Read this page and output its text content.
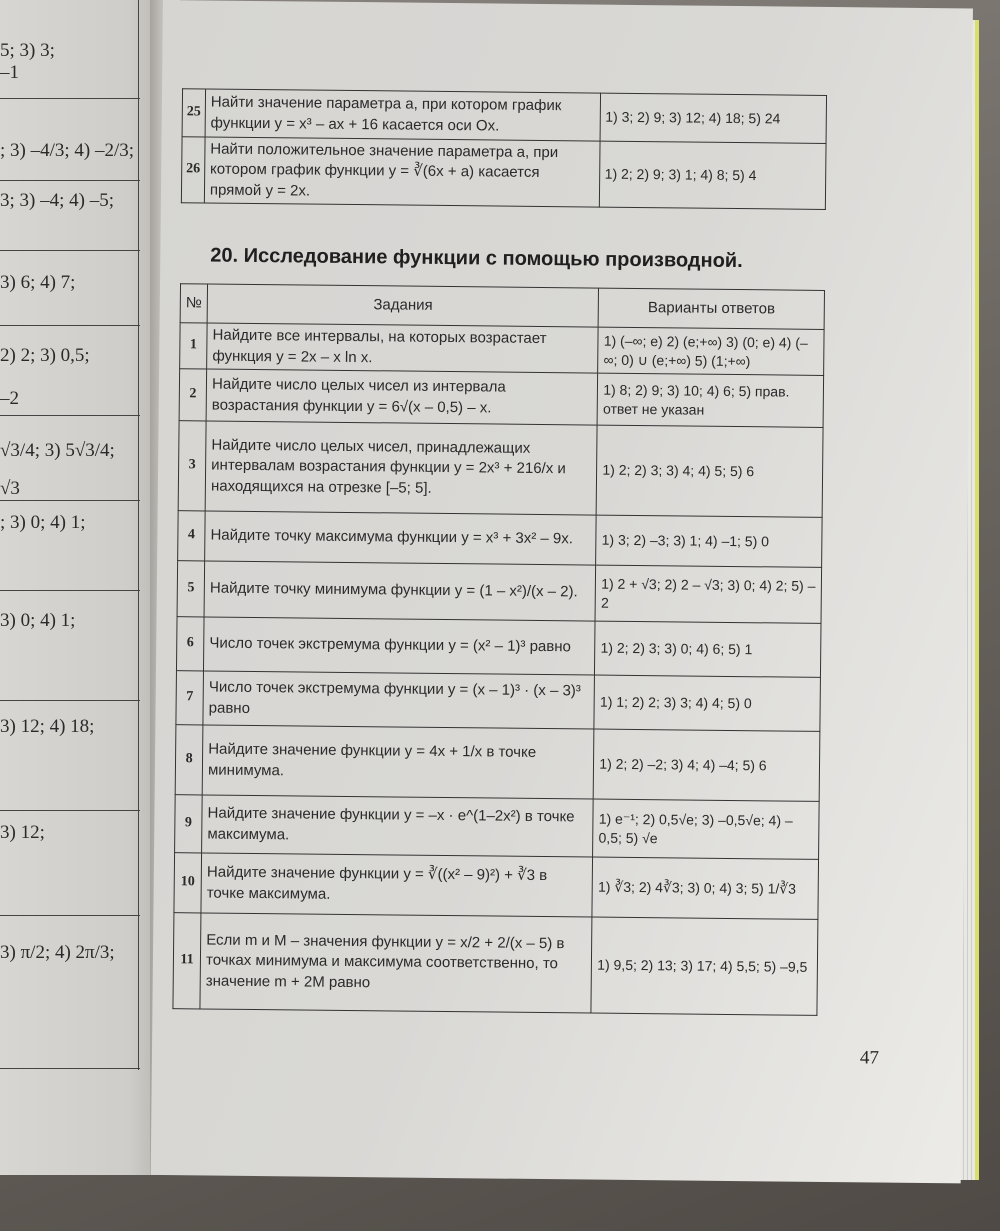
5; 3) 3;
–1
; 3) –4/3; 4) –2/3;
3; 3) –4; 4) –5;
3) 6; 4) 7;
2) 2; 3) 0,5;
–2
√3/4; 3) 5√3/4;
√3
; 3) 0; 4) 1;
3) 0; 4) 1;
3) 12; 4) 18;
3) 12;
3) π/2; 4) 2π/3;
25	Найти значение параметра a, при котором график функции y = x³ – ax + 16 касается оси Ox.	1) 3; 2) 9; 3) 12; 4) 18; 5) 24
26	Найти положительное значение параметра a, при котором график функции y = ∛(6x + a) касается прямой y = 2x.	1) 2; 2) 9; 3) 1; 4) 8; 5) 4
20. Исследование функции с помощью производной.
№	Задания	Варианты ответов
1	Найдите все интервалы, на которых возрастает функция y = 2x – x ln x.	1) (–∞; e) 2) (e;+∞) 3) (0; e) 4) (–∞; 0) ∪ (e;+∞) 5) (1;+∞)
2	Найдите число целых чисел из интервала возрастания функции y = 6√(x – 0,5) – x.	1) 8; 2) 9; 3) 10; 4) 6; 5) прав. ответ не указан
3	Найдите число целых чисел, принадлежащих интервалам возрастания функции y = 2x³ + 216/x и находящихся на отрезке [–5; 5].	1) 2; 2) 3; 3) 4; 4) 5; 5) 6
4	Найдите точку максимума функции y = x³ + 3x² – 9x.	1) 3; 2) –3; 3) 1; 4) –1; 5) 0
5	Найдите точку минимума функции y = (1 – x²)/(x – 2).	1) 2 + √3; 2) 2 – √3; 3) 0; 4) 2; 5) –2
6	Число точек экстремума функции y = (x² – 1)³ равно	1) 2; 2) 3; 3) 0; 4) 6; 5) 1
7	Число точек экстремума функции y = (x – 1)³ · (x – 3)³ равно	1) 1; 2) 2; 3) 3; 4) 4; 5) 0
8	Найдите значение функции y = 4x + 1/x в точке минимума.	1) 2; 2) –2; 3) 4; 4) –4; 5) 6
9	Найдите значение функции y = –x · e^(1–2x²) в точке максимума.	1) e⁻¹; 2) 0,5√e; 3) –0,5√e; 4) –0,5; 5) √e
10	Найдите значение функции y = ∛((x² – 9)²) + ∛3 в точке максимума.	1) ∛3; 2) 4∛3; 3) 0; 4) 3; 5) 1/∛3
11	Если m и M – значения функции y = x/2 + 2/(x – 5) в точках минимума и максимума соответственно, то значение m + 2M равно	1) 9,5; 2) 13; 3) 17; 4) 5,5; 5) –9,5
47
